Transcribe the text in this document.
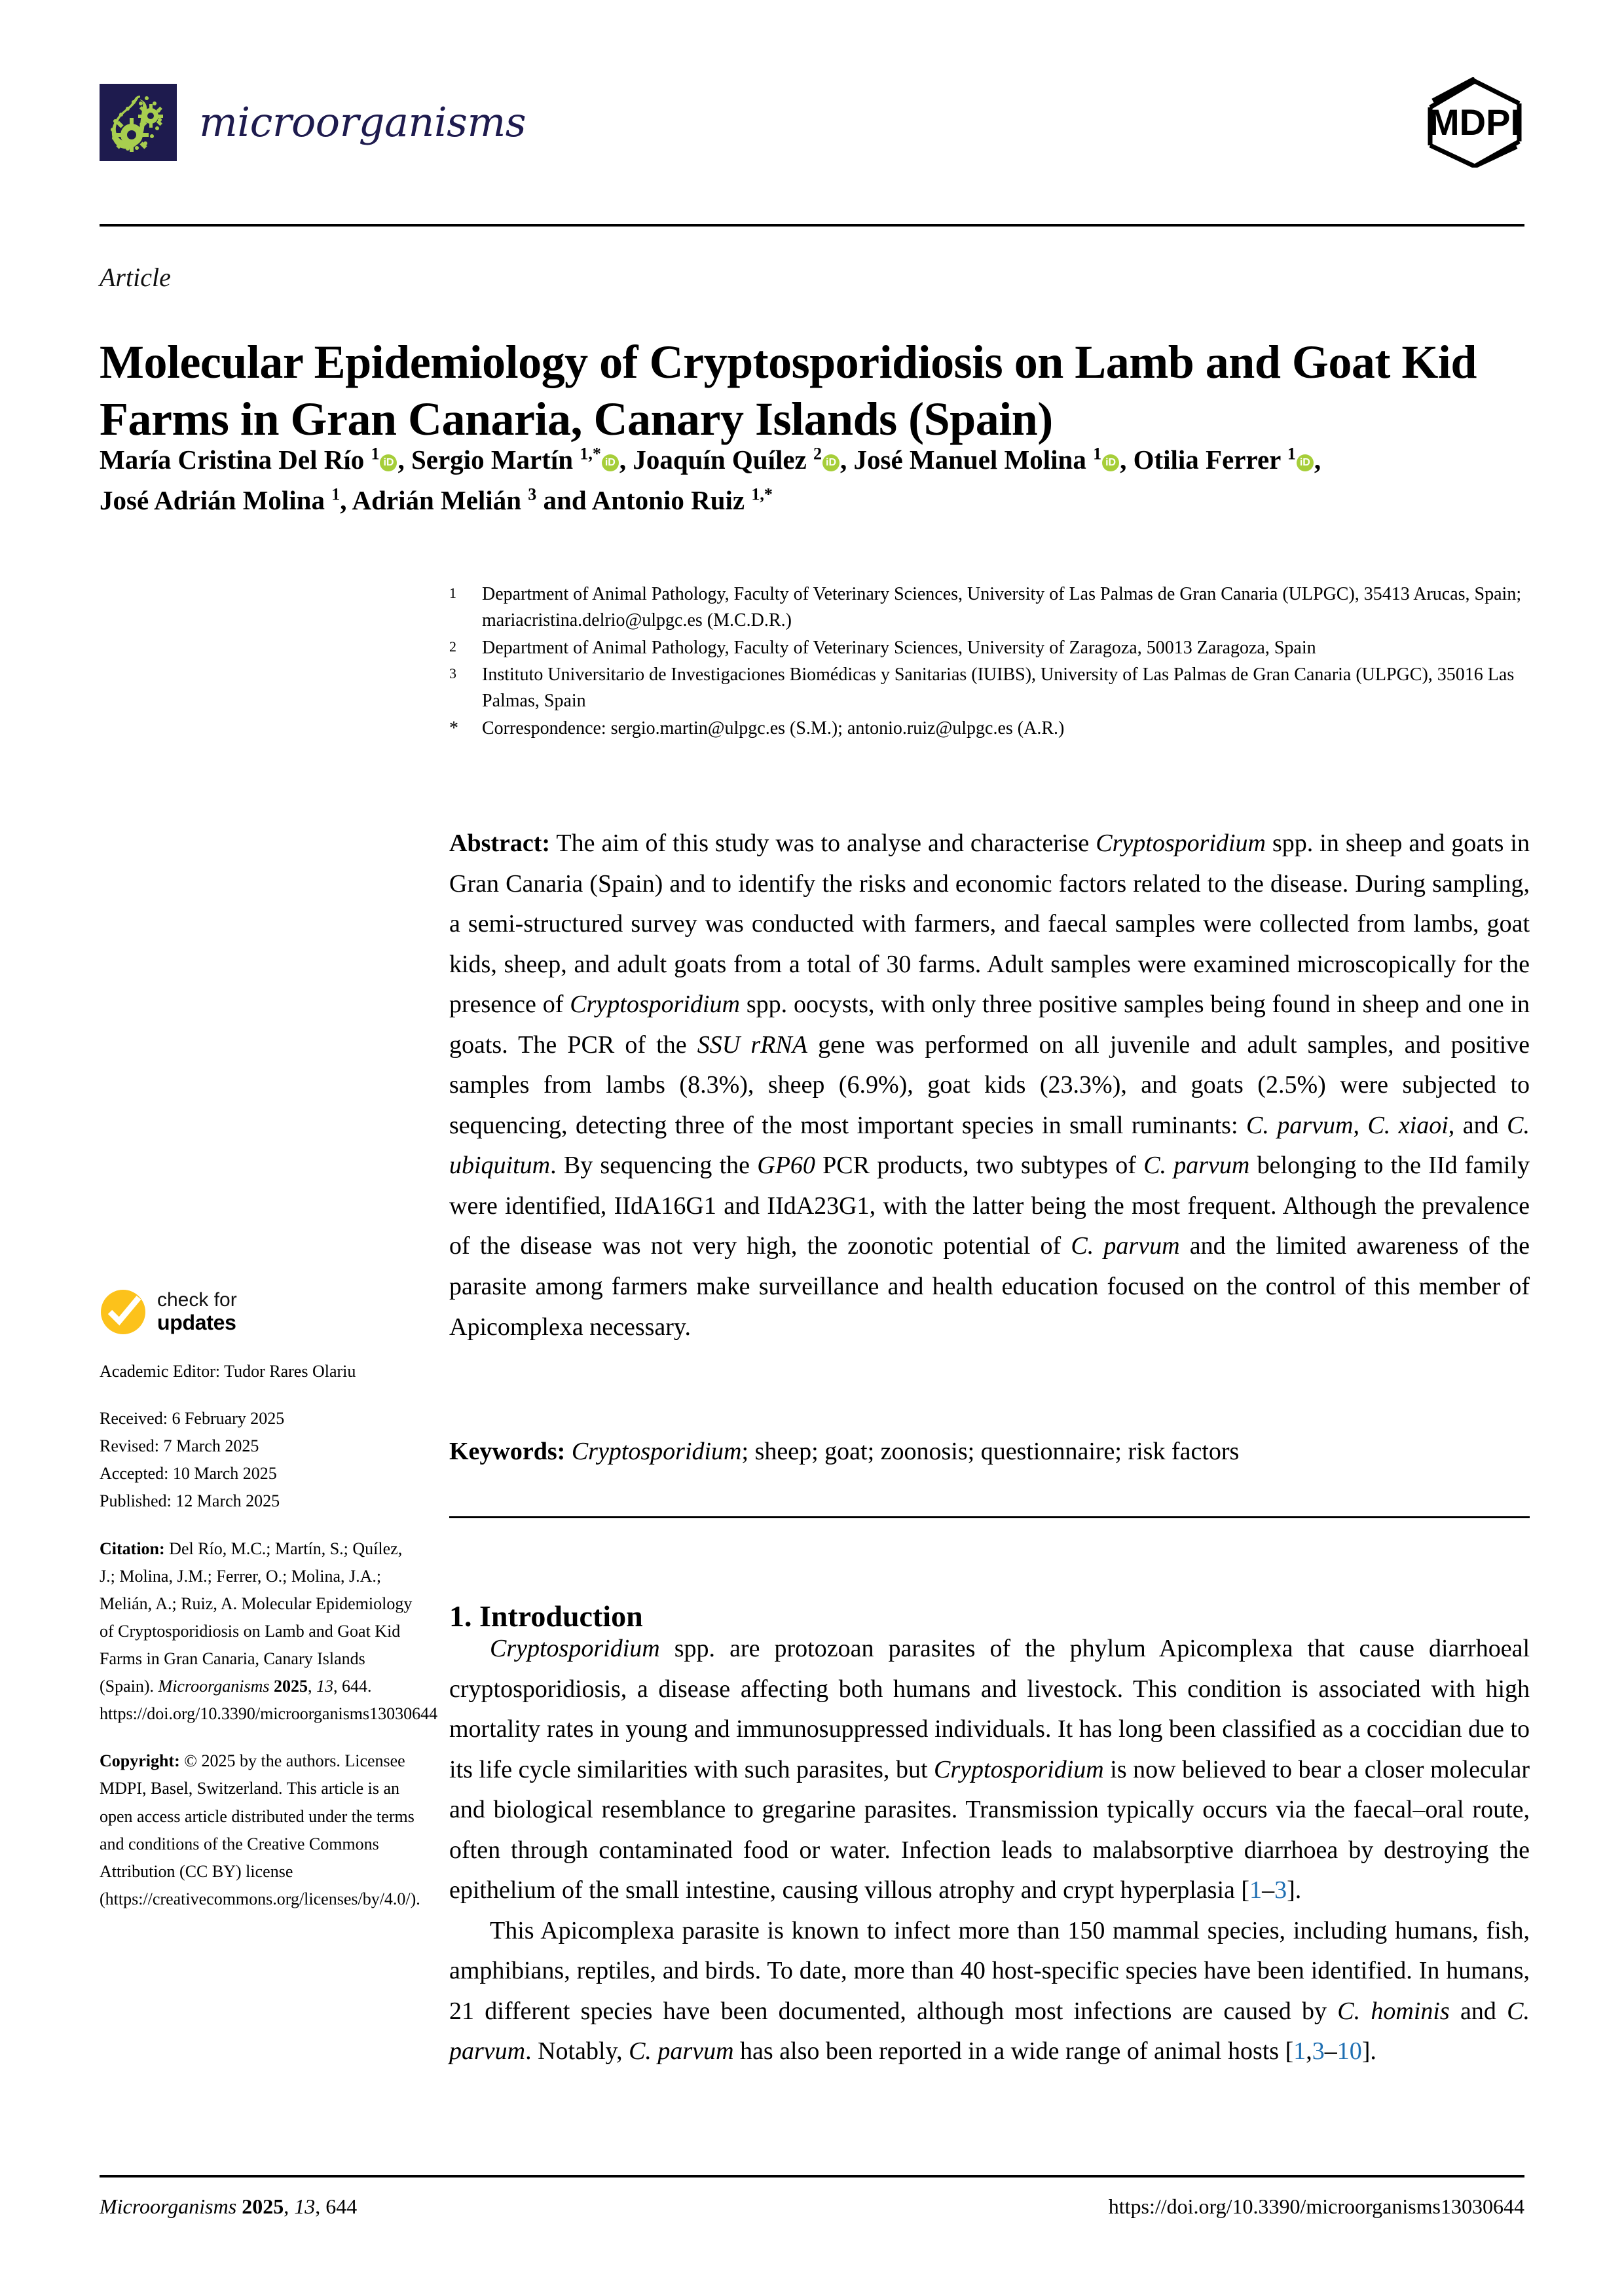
microorganisms	MDPI
Article
Molecular Epidemiology of Cryptosporidiosis on Lamb and Goat Kid Farms in Gran Canaria, Canary Islands (Spain)
María Cristina Del Río $^1$ iD , Sergio Martín $^{1,*}$ iD , Joaquín Quílez $^2$ iD , José Manuel Molina $^1$ iD , Otilia Ferrer $^1$ iD ,
José Adrián Molina $^1$, Adrián Melián $^3$ and Antonio Ruiz $^{1,*}$
1	Department of Animal Pathology, Faculty of Veterinary Sciences, University of Las Palmas de Gran Canaria (ULPGC), 35413 Arucas, Spain; mariacristina.delrio@ulpgc.es (M.C.D.R.)
2	Department of Animal Pathology, Faculty of Veterinary Sciences, University of Zaragoza, 50013 Zaragoza, Spain
3	Instituto Universitario de Investigaciones Biomédicas y Sanitarias (IUIBS), University of Las Palmas de Gran Canaria (ULPGC), 35016 Las Palmas, Spain
*	Correspondence: sergio.martin@ulpgc.es (S.M.); antonio.ruiz@ulpgc.es (A.R.)
Abstract: The aim of this study was to analyse and characterise Cryptosporidium spp. in sheep and goats in Gran Canaria (Spain) and to identify the risks and economic factors related to the disease. During sampling, a semi-structured survey was conducted with farmers, and faecal samples were collected from lambs, goat kids, sheep, and adult goats from a total of 30 farms. Adult samples were examined microscopically for the presence of Cryptosporidium spp. oocysts, with only three positive samples being found in sheep and one in goats. The PCR of the SSU rRNA gene was performed on all juvenile and adult samples, and positive samples from lambs (8.3%), sheep (6.9%), goat kids (23.3%), and goats (2.5%) were subjected to sequencing, detecting three of the most important species in small ruminants: C. parvum, C. xiaoi, and C. ubiquitum. By sequencing the GP60 PCR products, two subtypes of C. parvum belonging to the IId family were identified, IIdA16G1 and IIdA23G1, with the latter being the most frequent. Although the prevalence of the disease was not very high, the zoonotic potential of C. parvum and the limited awareness of the parasite among farmers make surveillance and health education focused on the control of this member of Apicomplexa necessary.
Keywords: Cryptosporidium; sheep; goat; zoonosis; questionnaire; risk factors
check for
updates
Academic Editor: Tudor Rares Olariu
Received: 6 February 2025
Revised: 7 March 2025
Accepted: 10 March 2025
Published: 12 March 2025
Citation: Del Río, M.C.; Martín, S.; Quílez, J.; Molina, J.M.; Ferrer, O.; Molina, J.A.; Melián, A.; Ruiz, A. Molecular Epidemiology of Cryptosporidiosis on Lamb and Goat Kid Farms in Gran Canaria, Canary Islands (Spain). Microorganisms 2025, 13, 644. https://doi.org/10.3390/microorganisms13030644
Copyright: © 2025 by the authors. Licensee MDPI, Basel, Switzerland. This article is an open access article distributed under the terms and conditions of the Creative Commons Attribution (CC BY) license (https://creativecommons.org/licenses/by/4.0/).
1. Introduction

Cryptosporidium spp. are protozoan parasites of the phylum Apicomplexa that cause diarrhoeal cryptosporidiosis, a disease affecting both humans and livestock. This condition is associated with high mortality rates in young and immunosuppressed individuals. It has long been classified as a coccidian due to its life cycle similarities with such parasites, but Cryptosporidium is now believed to bear a closer molecular and biological resemblance to gregarine parasites. Transmission typically occurs via the faecal–oral route, often through contaminated food or water. Infection leads to malabsorptive diarrhoea by destroying the epithelium of the small intestine, causing villous atrophy and crypt hyperplasia [1–3].

This Apicomplexa parasite is known to infect more than 150 mammal species, including humans, fish, amphibians, reptiles, and birds. To date, more than 40 host-specific species have been identified. In humans, 21 different species have been documented, although most infections are caused by C. hominis and C. parvum. Notably, C. parvum has also been reported in a wide range of animal hosts [1,3–10].

Microorganisms 2025, 13, 644	https://doi.org/10.3390/microorganisms13030644
